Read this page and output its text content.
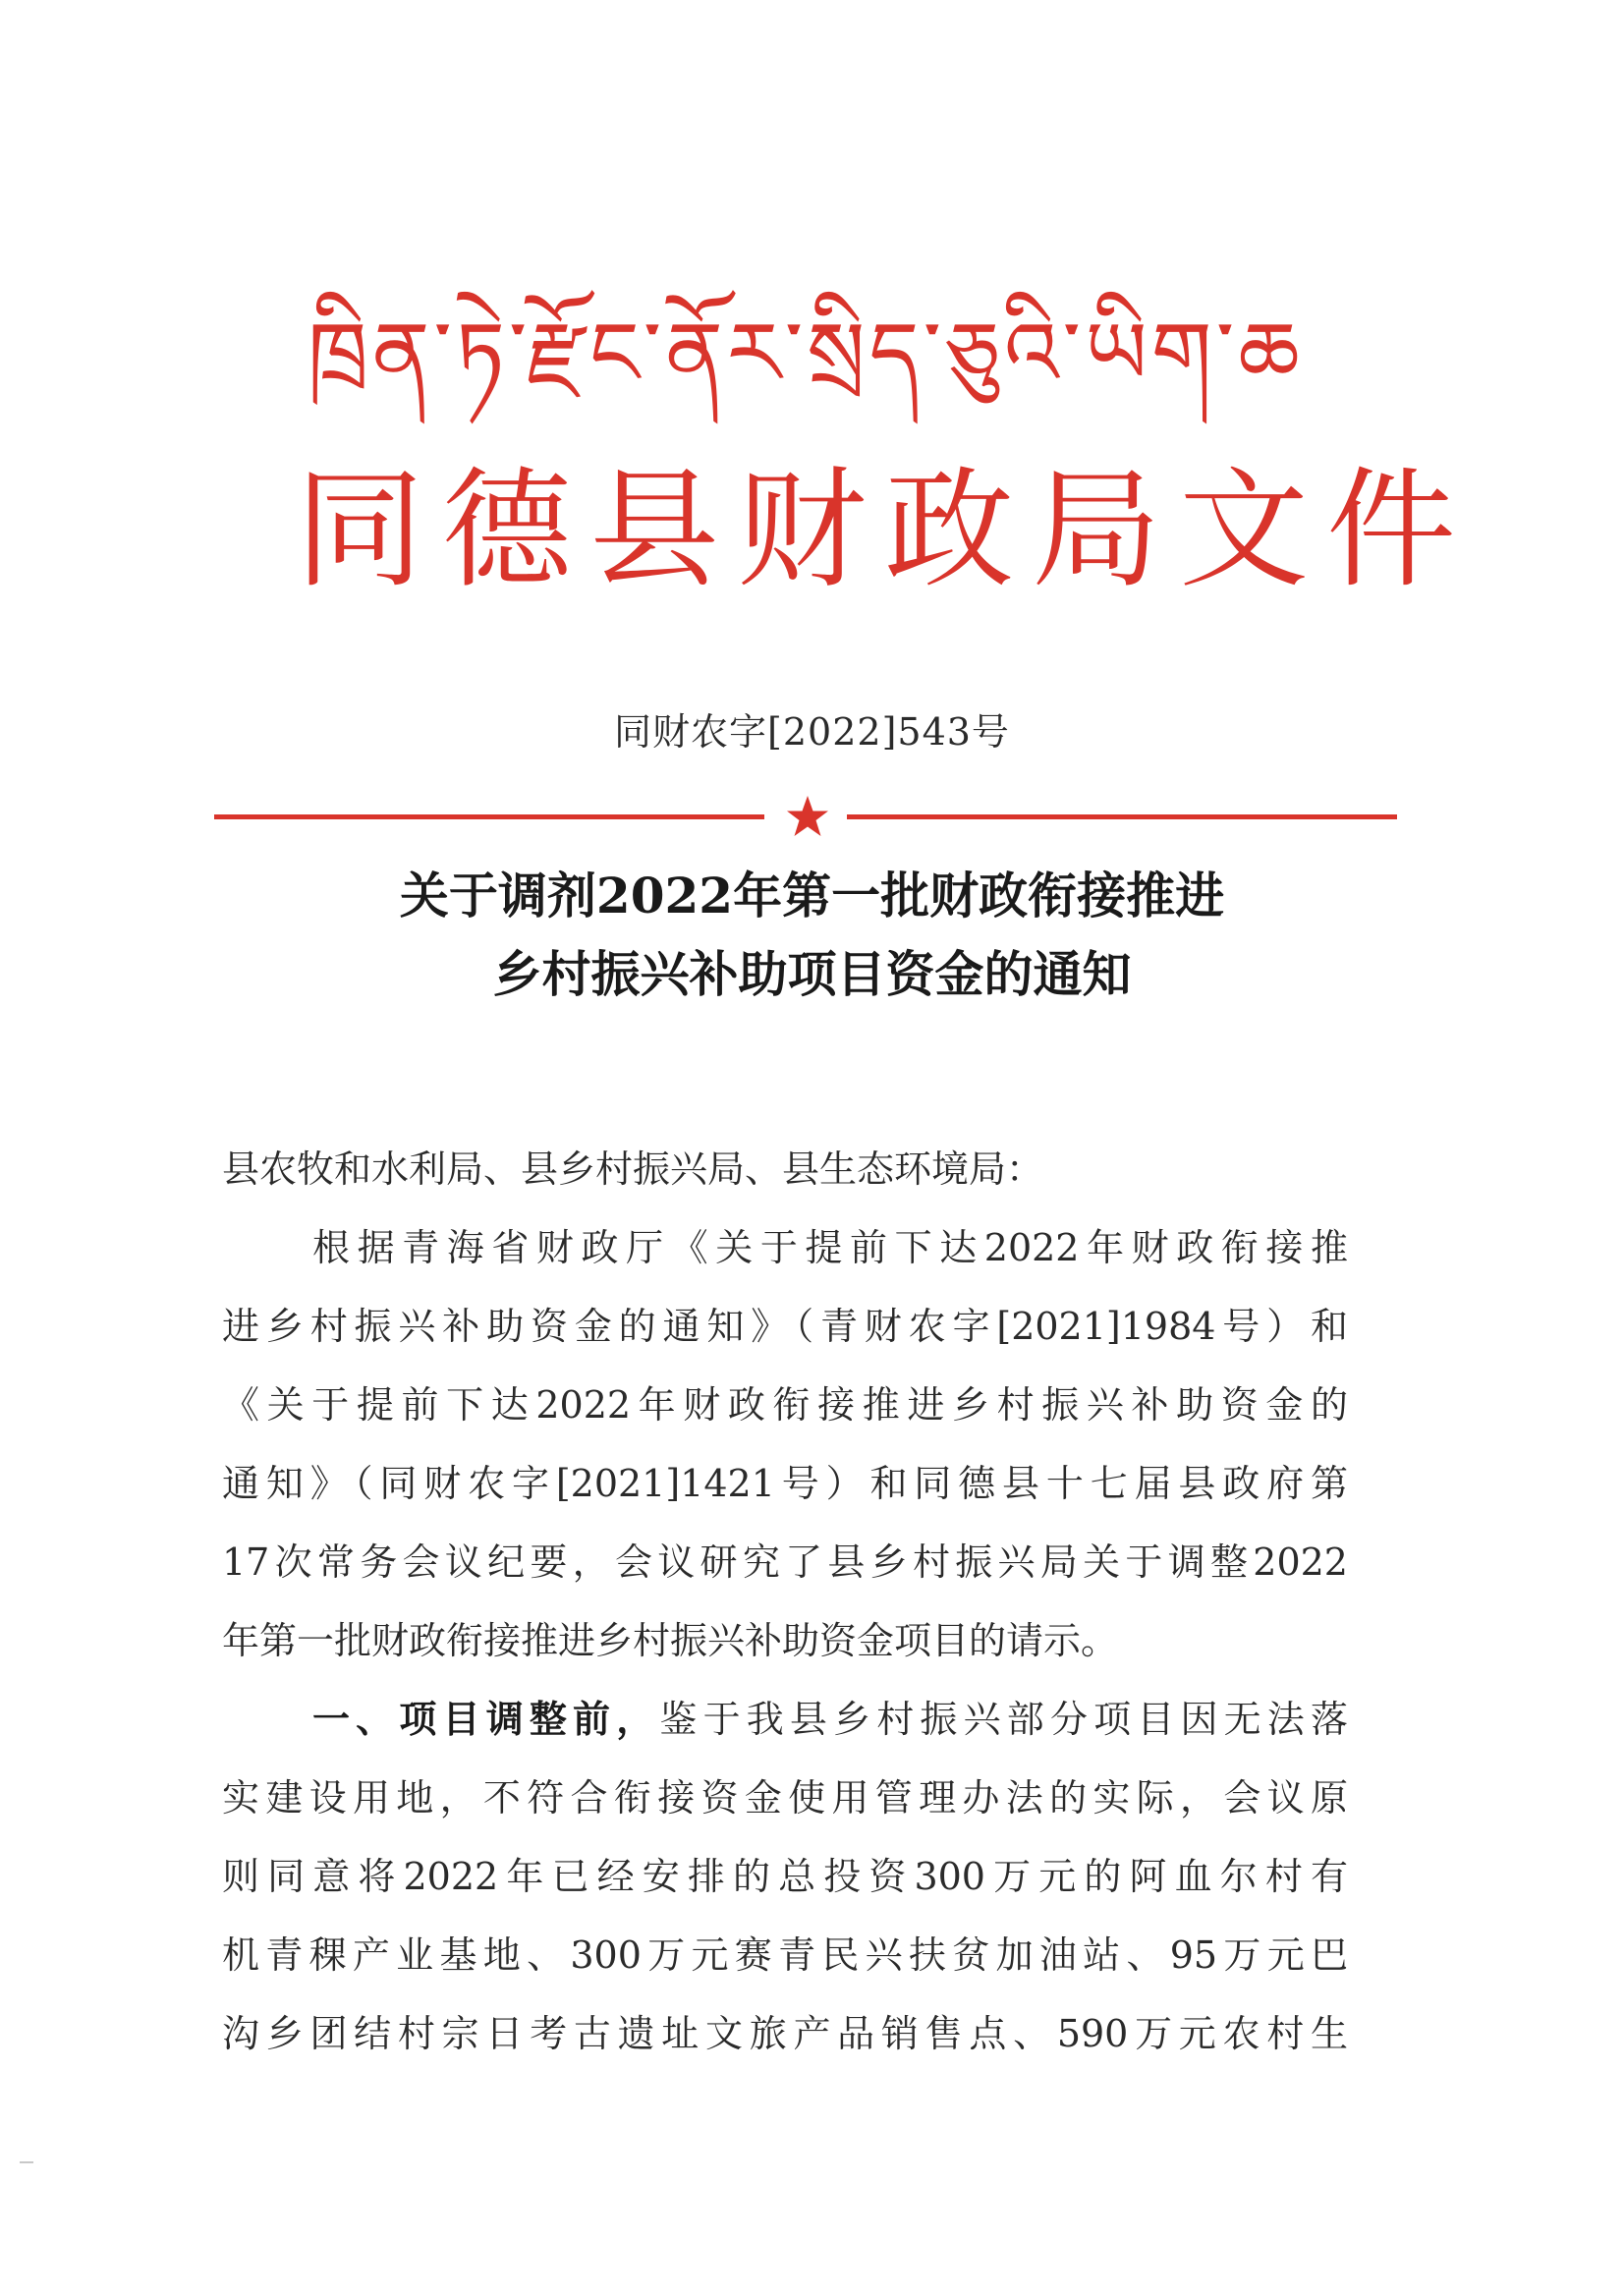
ཁྲིན་ཏེ་རྫོང་ནོར་སྲིད་ཅུའི་ཡིག་ཆ
同德县财政局文件
同财农字[2022]543号
关于调剂2022年第一批财政衔接推进
乡村振兴补助项目资金的通知
县农牧和水利局、县乡村振兴局、县生态环境局：
根据青海省财政厅《关于提前下达2022年财政衔接推
进乡村振兴补助资金的通知》（青财农字[2021]1984号）和
《关于提前下达2022年财政衔接推进乡村振兴补助资金的
通知》（同财农字[2021]1421号）和同德县十七届县政府第
17次常务会议纪要，会议研究了县乡村振兴局关于调整2022
年第一批财政衔接推进乡村振兴补助资金项目的请示。
一、项目调整前，鉴于我县乡村振兴部分项目因无法落
实建设用地，不符合衔接资金使用管理办法的实际，会议原
则同意将2022年已经安排的总投资300万元的阿血尔村有
机青稞产业基地、300万元赛青民兴扶贫加油站、95万元巴
沟乡团结村宗日考古遗址文旅产品销售点、590万元农村生
